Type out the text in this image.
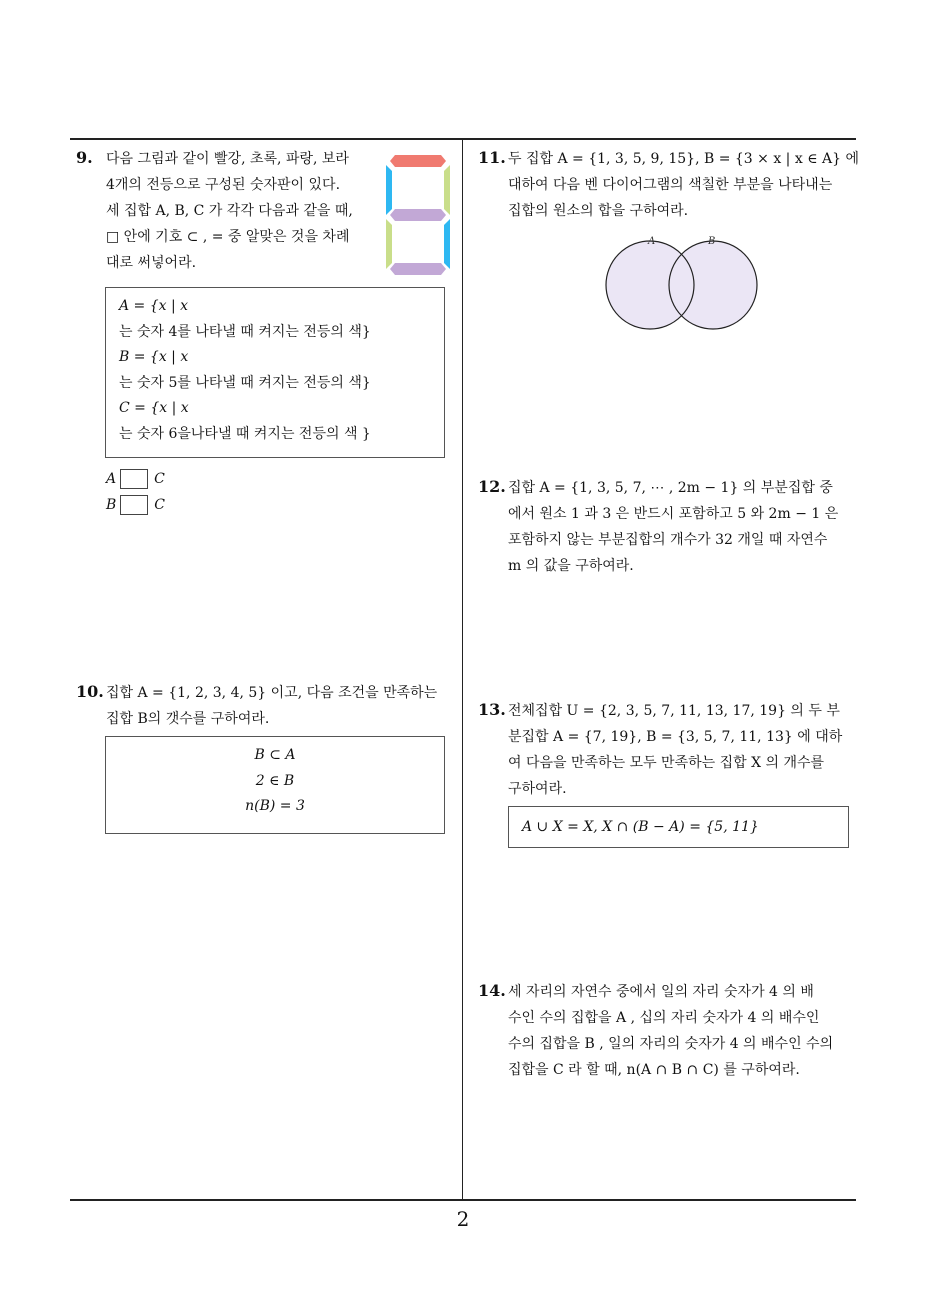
9. 다음 그림과 같이 빨강, 초록, 파랑, 보라

4개의 전등으로 구성된 숫자판이 있다.

세 집합 A, B, C 가 각각 다음과 같을 때,

□ 안에 기호 ⊂ , = 중 알맞은 것을 차례

대로 써넣어라.

A = {x | x
는 숫자 4를 나타낼 때 켜지는 전등의 색}
B = {x | x
는 숫자 5를 나타낼 때 켜지는 전등의 색}
C = {x | x
는 숫자 6을나타낼 때 켜지는 전등의 색 }
A	C
B	C

10. 집합 A = {1, 2, 3, 4, 5} 이고, 다음 조건을 만족하는

집합 B의 갯수를 구하여라.

B ⊂ A
2 ∈ B
n(B) = 3

11. 두 집합 A = {1, 3, 5, 9, 15}, B = {3 × x | x ∈ A} 에

대하여 다음 벤 다이어그램의 색칠한 부분을 나타내는

집합의 원소의 합을 구하여라.

A	B

12. 집합 A = {1, 3, 5, 7, ⋯ , 2m − 1} 의 부분집합 중

에서 원소 1 과 3 은 반드시 포함하고 5 와 2m − 1 은

포함하지 않는 부분집합의 개수가 32 개일 때 자연수

m 의 값을 구하여라.

13. 전체집합 U = {2, 3, 5, 7, 11, 13, 17, 19} 의 두 부

분집합 A = {7, 19}, B = {3, 5, 7, 11, 13} 에 대하

여 다음을 만족하는 모두 만족하는 집합 X 의 개수를

구하여라.

A ∪ X = X, X ∩ (B − A) = {5, 11}

14. 세 자리의 자연수 중에서 일의 자리 숫자가 4 의 배

수인 수의 집합을 A , 십의 자리 숫자가 4 의 배수인

수의 집합을 B , 일의 자리의 숫자가 4 의 배수인 수의

집합을 C 라 할 때, n(A ∩ B ∩ C) 를 구하여라.

2
